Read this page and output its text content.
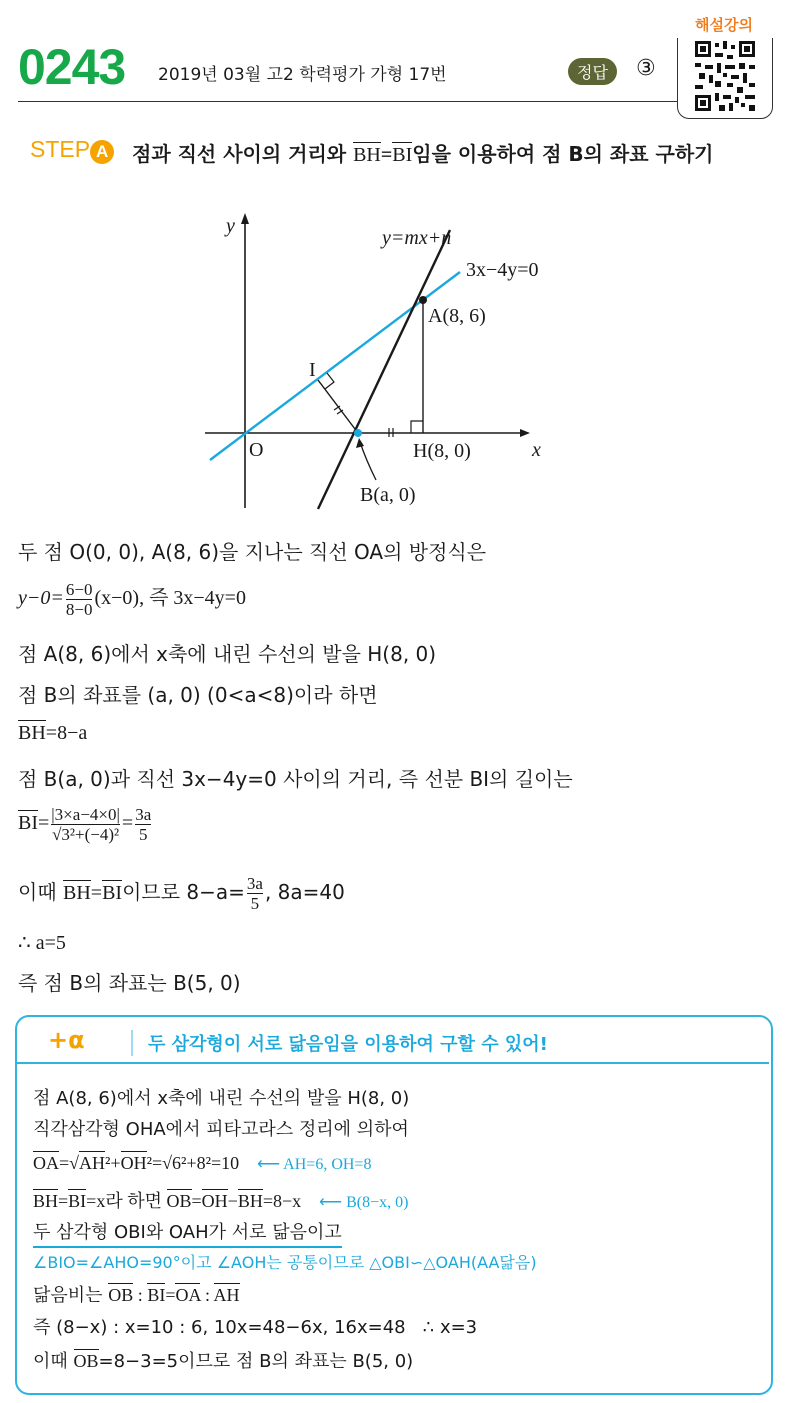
0243 2019년 03월 고2 학력평가 가형 17번	정답	③
해설강의
STEP A 점과 직선 사이의 거리와 BH=BI임을 이용하여 점 B의 좌표 구하기
y
x
O
I
A(8, 6)
H(8, 0)
B(a, 0)
y=mx+n
3x−4y=0
두 점 O(0, 0), A(8, 6)을 지나는 직선 OA의 방정식은
$y-0= \frac{6-0}{8-0} (x-0)$, 즉 3x−4y=0
점 A(8, 6)에서 x축에 내린 수선의 발을 H(8, 0)
점 B의 좌표를 (a, 0) (0<a<8)이라 하면
BH=8−a
점 B(a, 0)과 직선 3x−4y=0 사이의 거리, 즉 선분 BI의 길이는
$BI= \frac{|3\times a-4\times 0|}{\text{√3²+(−4)²}} = \frac{3a}{5}$
이때 BH=BI이므로 $8-a= \frac{3a}{5}$ , 8a=40
∴ a=5
즉 점 B의 좌표는 B(5, 0)
+α	두 삼각형이 서로 닮음임을 이용하여 구할 수 있어!
점 A(8, 6)에서 x축에 내린 수선의 발을 H(8, 0)
직각삼각형 OHA에서 피타고라스 정리에 의하여
OA=√AH²+OH²=√6²+8²=10 ⟵ AH=6, OH=8
BH=BI=x라 하면 OB=OH−BH=8−x ⟵ B(8−x, 0)
두 삼각형 OBI와 OAH가 서로 닮음이고
∠BIO=∠AHO=90°이고 ∠AOH는 공통이므로 △OBI∽△OAH(AA닮음)
닮음비는 OB : BI=OA : AH
즉 (8−x) : x=10 : 6, 10x=48−6x, 16x=48   ∴ x=3
이때 OB=8−3=5이므로 점 B의 좌표는 B(5, 0)
